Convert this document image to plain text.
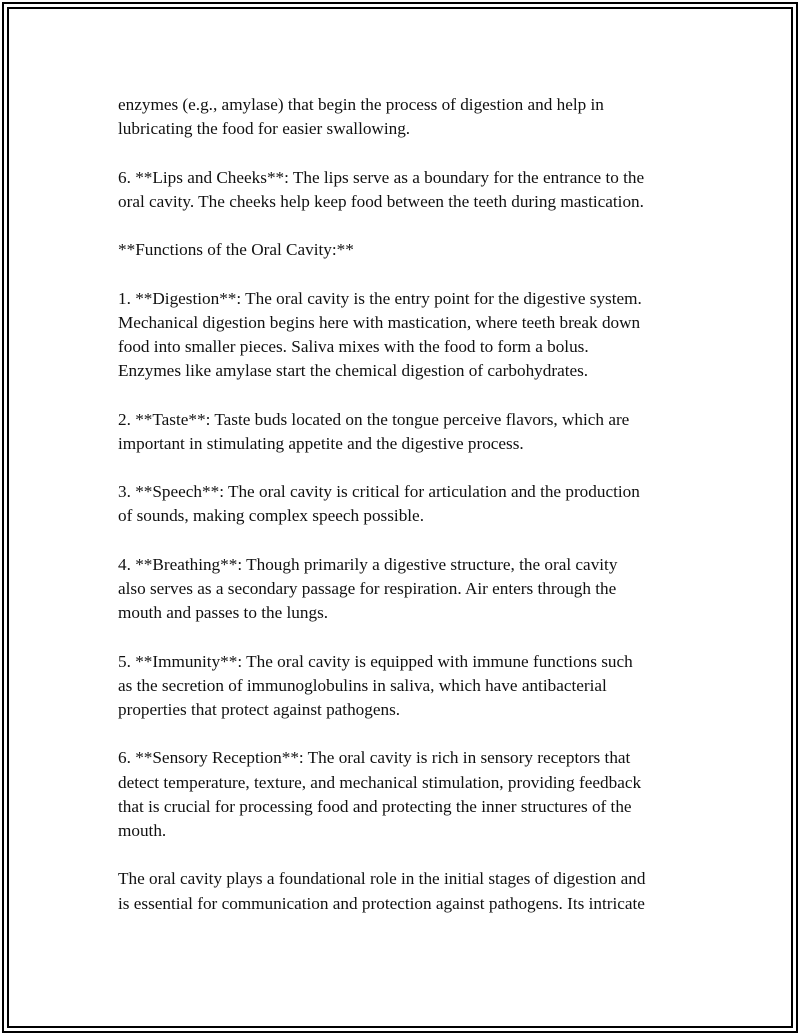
enzymes (e.g., amylase) that begin the process of digestion and help in
lubricating the food for easier swallowing.

6. **Lips and Cheeks**: The lips serve as a boundary for the entrance to the
oral cavity. The cheeks help keep food between the teeth during mastication.

**Functions of the Oral Cavity:**

1. **Digestion**: The oral cavity is the entry point for the digestive system.
Mechanical digestion begins here with mastication, where teeth break down
food into smaller pieces. Saliva mixes with the food to form a bolus.
Enzymes like amylase start the chemical digestion of carbohydrates.

2. **Taste**: Taste buds located on the tongue perceive flavors, which are
important in stimulating appetite and the digestive process.

3. **Speech**: The oral cavity is critical for articulation and the production
of sounds, making complex speech possible.

4. **Breathing**: Though primarily a digestive structure, the oral cavity
also serves as a secondary passage for respiration. Air enters through the
mouth and passes to the lungs.

5. **Immunity**: The oral cavity is equipped with immune functions such
as the secretion of immunoglobulins in saliva, which have antibacterial
properties that protect against pathogens.

6. **Sensory Reception**: The oral cavity is rich in sensory receptors that
detect temperature, texture, and mechanical stimulation, providing feedback
that is crucial for processing food and protecting the inner structures of the
mouth.

The oral cavity plays a foundational role in the initial stages of digestion and
is essential for communication and protection against pathogens. Its intricate
